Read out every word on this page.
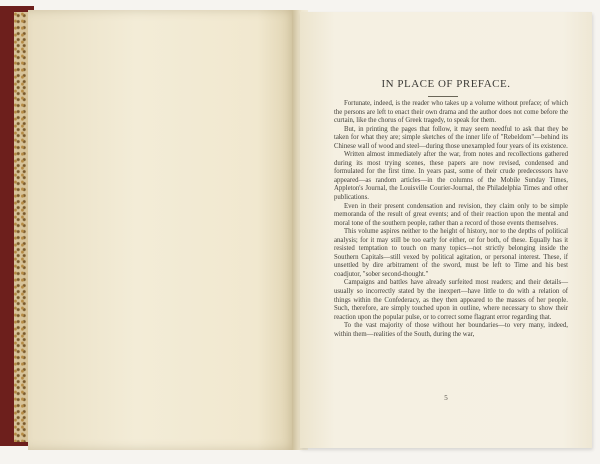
IN PLACE OF PREFACE.

Fortunate, indeed, is the reader who takes up a volume without preface; of which the persons are left to enact their own drama and the author does not come before the curtain, like the chorus of Greek tragedy, to speak for them.

But, in printing the pages that follow, it may seem needful to ask that they be taken for what they are; simple sketches of the inner life of "Rebeldom"—behind its Chinese wall of wood and steel—during those unexampled four years of its existence.

Written almost immediately after the war, from notes and recollections gathered during its most trying scenes, these papers are now revised, condensed and formulated for the first time. In years past, some of their crude predecessors have appeared—as random articles—in the columns of the Mobile Sunday Times, Appleton's Journal, the Louisville Courier-Journal, the Philadelphia Times and other publications.

Even in their present condensation and revision, they claim only to be simple memoranda of the result of great events; and of their reaction upon the mental and moral tone of the southern people, rather than a record of those events themselves.

This volume aspires neither to the height of history, nor to the depths of political analysis; for it may still be too early for either, or for both, of these. Equally has it resisted temptation to touch on many topics—not strictly belonging inside the Southern Capitals—still vexed by political agitation, or personal interest. These, if unsettled by dire arbitrament of the sword, must be left to Time and his best coadjutor, "sober second-thought."

Campaigns and battles have already surfeited most readers; and their details—usually so incorrectly stated by the inexpert—have little to do with a relation of things within the Confederacy, as they then appeared to the masses of her people. Such, therefore, are simply touched upon in outline, where necessary to show their reaction upon the popular pulse, or to correct some flagrant error regarding that.

To the vast majority of those without her boundaries—to very many, indeed, within them—realities of the South, during the war,

5
